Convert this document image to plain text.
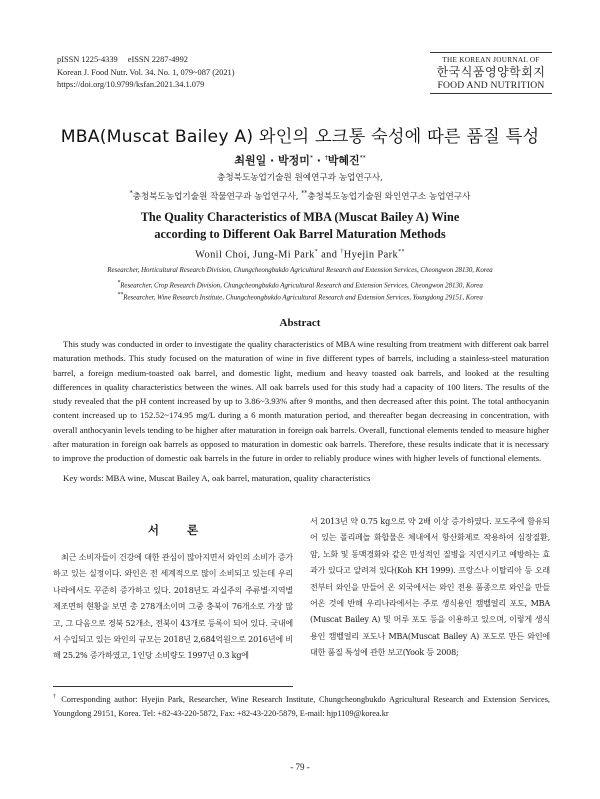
pISSN 1225-4339 eISSN 2287-4992
Korean J. Food Nutr. Vol. 34. No. 1, 079~087 (2021)
https://doi.org/10.9799/ksfan.2021.34.1.079
THE KOREAN JOURNAL OF
한국식품영양학회지
FOOD AND NUTRITION
MBA(Muscat Bailey A) 와인의 오크통 숙성에 따른 품질 특성
최원일 · 박정미* · †박혜진**
충청북도농업기술원 원예연구과 농업연구사,
*충청북도농업기술원 작물연구과 농업연구사, **충청북도농업기술원 와인연구소 농업연구사
The Quality Characteristics of MBA (Muscat Bailey A) Wine
according to Different Oak Barrel Maturation Methods
Wonil Choi, Jung-Mi Park* and †Hyejin Park**
Researcher, Horticultural Research Division, Chungcheongbukdo Agricultural Research and Extension Services, Cheongwon 28130, Korea
*Researcher, Crop Research Division, Chungcheongbukdo Agricultural Research and Extension Services, Cheongwon 28130, Korea
**Researcher, Wine Research Institute, Chungcheongbukdo Agricultural Research and Extension Services, Youngdong 29151, Korea
Abstract

This study was conducted in order to investigate the quality characteristics of MBA wine resulting from treatment with different oak barrel maturation methods. This study focused on the maturation of wine in five different types of barrels, including a stainless-steel maturation barrel, a foreign medium-toasted oak barrel, and domestic light, medium and heavy toasted oak barrels, and looked at the resulting differences in quality characteristics between the wines. All oak barrels used for this study had a capacity of 100 liters. The results of the study revealed that the pH content increased by up to 3.86~3.93% after 9 months, and then decreased after this point. The total anthocyanin content increased up to 152.52~174.95 mg/L during a 6 month maturation period, and thereafter began decreasing in concentration, with overall anthocyanin levels tending to be higher after maturation in foreign oak barrels. Overall, functional elements tended to measure higher after maturation in foreign oak barrels as opposed to maturation in domestic oak barrels. Therefore, these results indicate that it is necessary to improve the production of domestic oak barrels in the future in order to reliably produce wines with higher levels of functional elements.

Key words: MBA wine, Muscat Bailey A, oak barrel, maturation, quality characteristics

서 론

최근 소비자들이 건강에 대한 관심이 많아지면서 와인의 소비가 증가하고 있는 실정이다. 와인은 전 세계적으로 많이 소비되고 있는데 우리나라에서도 꾸준히 증가하고 있다. 2018년도 과실주의 주류별·지역별 제조면허 현황을 보면 총 278개소이며 그중 충북이 76개소로 가장 많고, 그 다음으로 경북 52개소, 전북이 43개로 등록이 되어 있다. 국내에서 수입되고 있는 와인의 규모는 2018년 2,684억원으로 2016년에 비해 25.2% 증가하였고, 1인당 소비량도 1997년 0.3 kg에

서 2013년 약 0.75 kg으로 약 2배 이상 증가하였다. 포도주에 함유되어 있는 폴리페놀 화합물은 체내에서 항산화제로 작용하여 심장질환, 암, 노화 및 동맥경화와 같은 만성적인 질병을 지연시키고 예방하는 효과가 있다고 알려져 있다(Koh KH 1999). 프랑스나 이탈리아 등 오래전부터 와인을 만들어 온 외국에서는 와인 전용 품종으로 와인을 만들어온 것에 반해 우리나라에서는 주로 생식용인 캠벨얼리 포도, MBA (Muscat Bailey A) 및 머루 포도 등을 이용하고 있으며, 이렇게 생식용인 캠벨얼리 포도나 MBA(Muscat Bailey A) 포도로 만든 와인에 대한 품질 특성에 관한 보고(Yook 등 2008;

† Corresponding author: Hyejin Park, Researcher, Wine Research Institute, Chungcheongbukdo Agricultural Research and Extension Services, Youngdong 29151, Korea. Tel: +82-43-220-5872, Fax: +82-43-220-5879, E-mail: hjp1109@korea.kr

- 79 -
